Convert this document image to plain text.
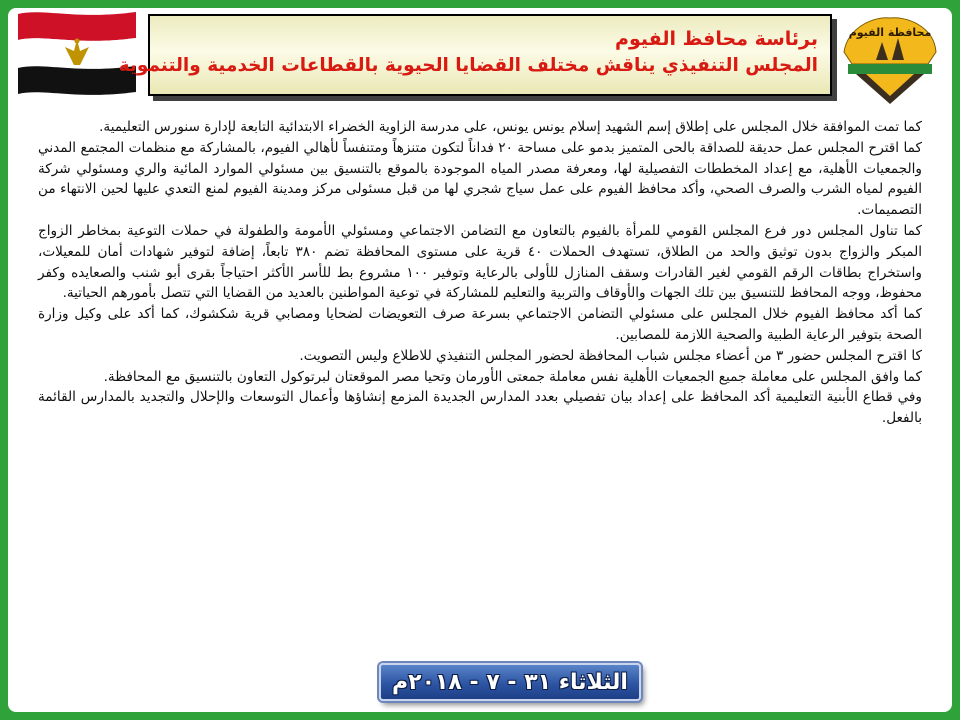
برئاسة محافظ الفيوم
المجلس التنفيذي يناقش مختلف القضايا الحيوية بالقطاعات الخدمية والتنموية
محافظة الفيوم

كما تمت الموافقة خلال المجلس على إطلاق إسم الشهيد إسلام يونس يونس، على مدرسة الزاوية الخضراء الابتدائية التابعة لإدارة سنورس التعليمية.

كما اقترح المجلس عمل حديقة للصداقة بالحى المتميز بدمو على مساحة ٢٠ فداناً لتكون متنزهاً ومتنفساً لأهالي الفيوم، بالمشاركة مع منظمات المجتمع المدني والجمعيات الأهلية، مع إعداد المخططات التفصيلية لها، ومعرفة مصدر المياه الموجودة بالموقع بالتنسيق بين مسئولي الموارد المائية والري ومسئولي شركة الفيوم لمياه الشرب والصرف الصحي، وأكد محافظ الفيوم على عمل سياج شجري لها من قبل مسئولى مركز ومدينة الفيوم لمنع التعدي عليها لحين الانتهاء من التصميمات.

كما تناول المجلس دور فرع المجلس القومي للمرأة بالفيوم بالتعاون مع التضامن الاجتماعي ومسئولي الأمومة والطفولة في حملات التوعية بمخاطر الزواج المبكر والزواج بدون توثيق والحد من الطلاق، تستهدف الحملات ٤٠ قرية على مستوى المحافظة تضم ٣٨٠ تابعاً، إضافة لتوفير شهادات أمان للمعيلات، واستخراج بطاقات الرقم القومي لغير القادرات وسقف المنازل للأولى بالرعاية وتوفير ١٠٠ مشروع بط للأسر الأكثر احتياجاً بقرى أبو شنب والصعايده وكفر محفوظ، ووجه المحافظ للتنسيق بين تلك الجهات والأوقاف والتربية والتعليم للمشاركة في توعية المواطنين بالعديد من القضايا التي تتصل بأمورهم الحياتية.

كما أكد محافظ الفيوم خلال المجلس على مسئولي التضامن الاجتماعي بسرعة صرف التعويضات لضحايا ومصابي قرية شكشوك، كما أكد على وكيل وزارة الصحة بتوفير الرعاية الطبية والصحية اللازمة للمصابين.

كا اقترح المجلس حضور ٣ من أعضاء مجلس شباب المحافظة لحضور المجلس التنفيذي للاطلاع وليس التصويت.

كما وافق المجلس على معاملة جميع الجمعيات الأهلية نفس معاملة جمعتى الأورمان وتحيا مصر الموقعتان لبرتوكول التعاون بالتنسيق مع المحافظة.

وفي قطاع الأبنية التعليمية أكد المحافظ على إعداد بيان تفصيلي بعدد المدارس الجديدة المزمع إنشاؤها وأعمال التوسعات والإحلال والتجديد بالمدارس القائمة بالفعل.

الثلاثاء ٣١ - ٧ - ٢٠١٨م
